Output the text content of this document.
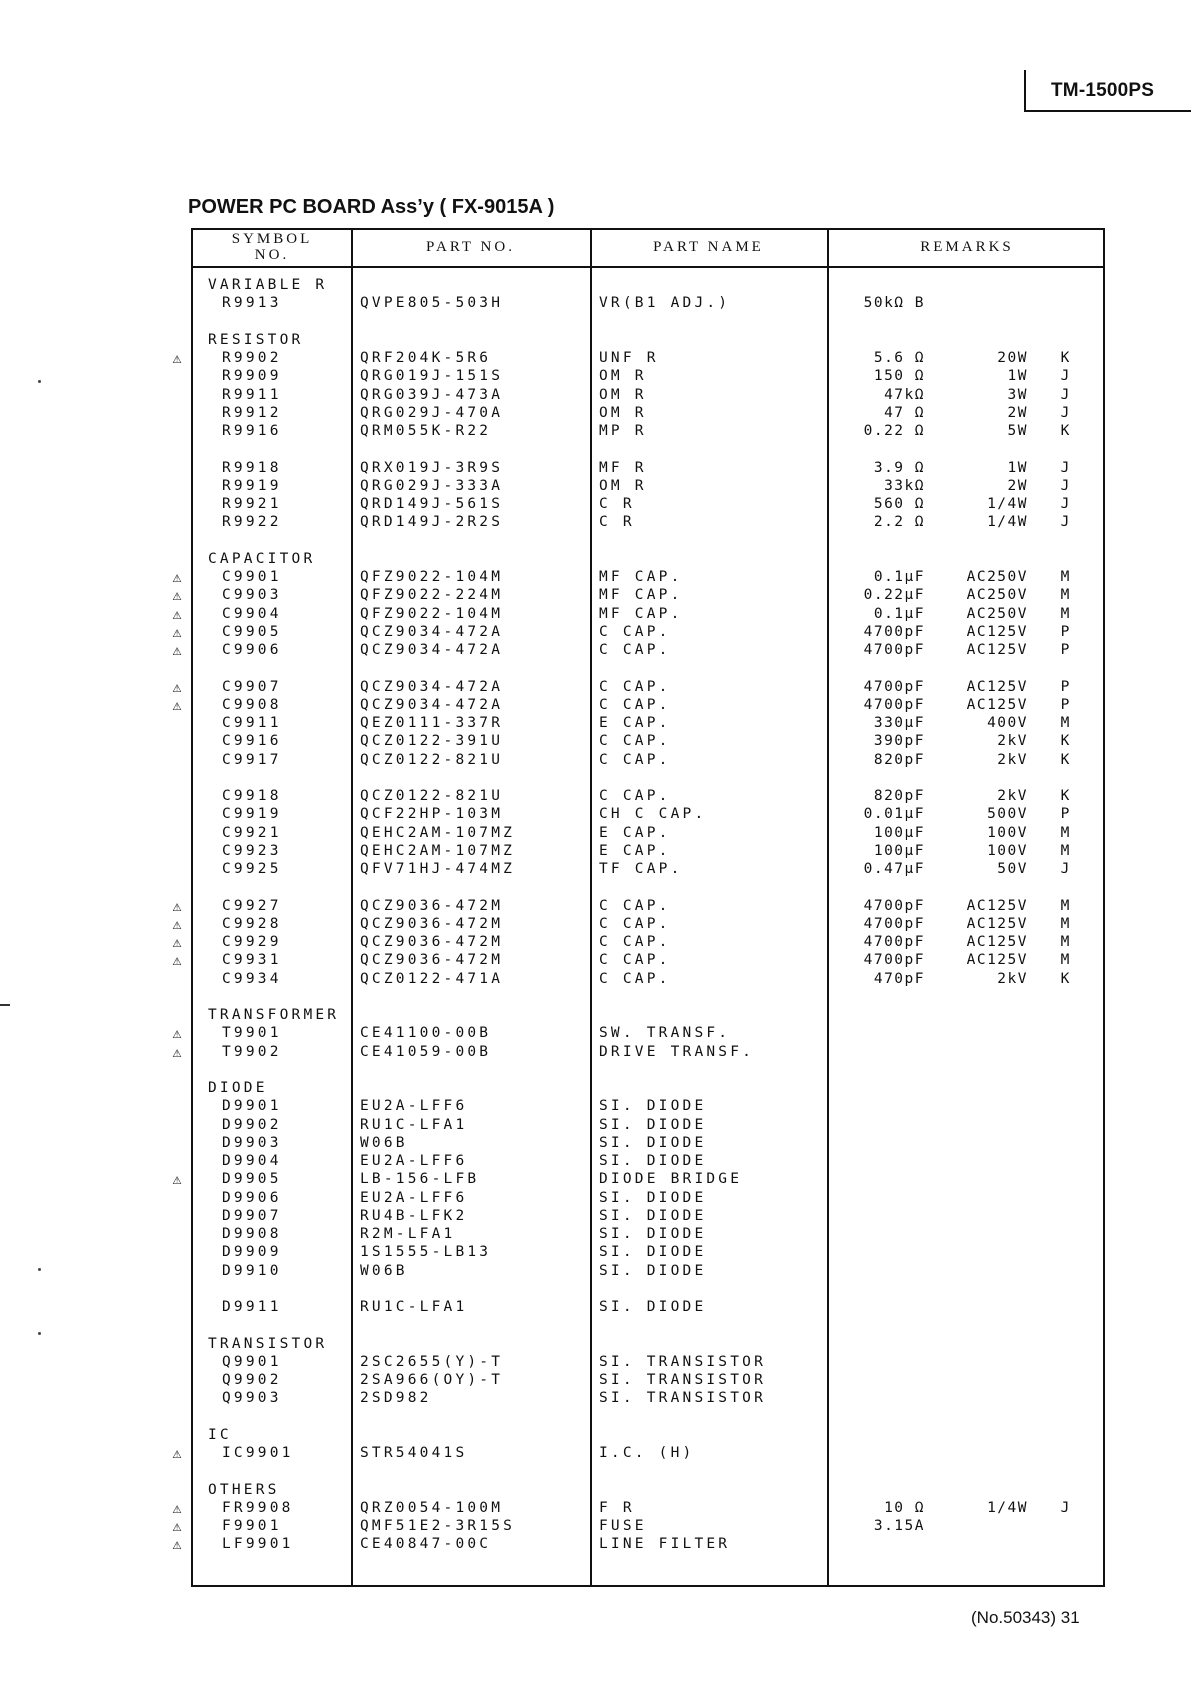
TM-1500PS
POWER PC BOARD Ass’y ( FX-9015A )
SYMBOL
NO.	PART NO.	PART NAME	REMARKS
VARIABLE R
R9913	QVPE805-503H	VR(B1 ADJ.)	50kΩ B
RESISTOR
⚠	R9902	QRF204K-5R6	UNF R	5.6 Ω	20W	K
R9909	QRG019J-151S	OM R	150 Ω	1W	J
R9911	QRG039J-473A	OM R	47kΩ	3W	J
R9912	QRG029J-470A	OM R	47 Ω	2W	J
R9916	QRM055K-R22	MP R	0.22 Ω	5W	K
R9918	QRX019J-3R9S	MF R	3.9 Ω	1W	J
R9919	QRG029J-333A	OM R	33kΩ	2W	J
R9921	QRD149J-561S	C R	560 Ω	1/4W	J
R9922	QRD149J-2R2S	C R	2.2 Ω	1/4W	J
CAPACITOR
⚠	C9901	QFZ9022-104M	MF CAP.	0.1μF	AC250V	M
⚠	C9903	QFZ9022-224M	MF CAP.	0.22μF	AC250V	M
⚠	C9904	QFZ9022-104M	MF CAP.	0.1μF	AC250V	M
⚠	C9905	QCZ9034-472A	C CAP.	4700pF	AC125V	P
⚠	C9906	QCZ9034-472A	C CAP.	4700pF	AC125V	P
⚠	C9907	QCZ9034-472A	C CAP.	4700pF	AC125V	P
⚠	C9908	QCZ9034-472A	C CAP.	4700pF	AC125V	P
C9911	QEZ0111-337R	E CAP.	330μF	400V	M
C9916	QCZ0122-391U	C CAP.	390pF	2kV	K
C9917	QCZ0122-821U	C CAP.	820pF	2kV	K
C9918	QCZ0122-821U	C CAP.	820pF	2kV	K
C9919	QCF22HP-103M	CH C CAP.	0.01μF	500V	P
C9921	QEHC2AM-107MZ	E CAP.	100μF	100V	M
C9923	QEHC2AM-107MZ	E CAP.	100μF	100V	M
C9925	QFV71HJ-474MZ	TF CAP.	0.47μF	50V	J
⚠	C9927	QCZ9036-472M	C CAP.	4700pF	AC125V	M
⚠	C9928	QCZ9036-472M	C CAP.	4700pF	AC125V	M
⚠	C9929	QCZ9036-472M	C CAP.	4700pF	AC125V	M
⚠	C9931	QCZ9036-472M	C CAP.	4700pF	AC125V	M
C9934	QCZ0122-471A	C CAP.	470pF	2kV	K
TRANSFORMER
⚠	T9901	CE41100-00B	SW. TRANSF.
⚠	T9902	CE41059-00B	DRIVE TRANSF.
DIODE
D9901	EU2A-LFF6	SI. DIODE
D9902	RU1C-LFA1	SI. DIODE
D9903	W06B	SI. DIODE
D9904	EU2A-LFF6	SI. DIODE
⚠	D9905	LB-156-LFB	DIODE BRIDGE
D9906	EU2A-LFF6	SI. DIODE
D9907	RU4B-LFK2	SI. DIODE
D9908	R2M-LFA1	SI. DIODE
D9909	1S1555-LB13	SI. DIODE
D9910	W06B	SI. DIODE
D9911	RU1C-LFA1	SI. DIODE
TRANSISTOR
Q9901	2SC2655(Y)-T	SI. TRANSISTOR
Q9902	2SA966(OY)-T	SI. TRANSISTOR
Q9903	2SD982	SI. TRANSISTOR
IC
⚠	IC9901	STR54041S	I.C. (H)
OTHERS
⚠	FR9908	QRZ0054-100M	F R	10 Ω	1/4W	J
⚠	F9901	QMF51E2-3R15S	FUSE	3.15A
⚠	LF9901	CE40847-00C	LINE FILTER
(No.50343) 31
